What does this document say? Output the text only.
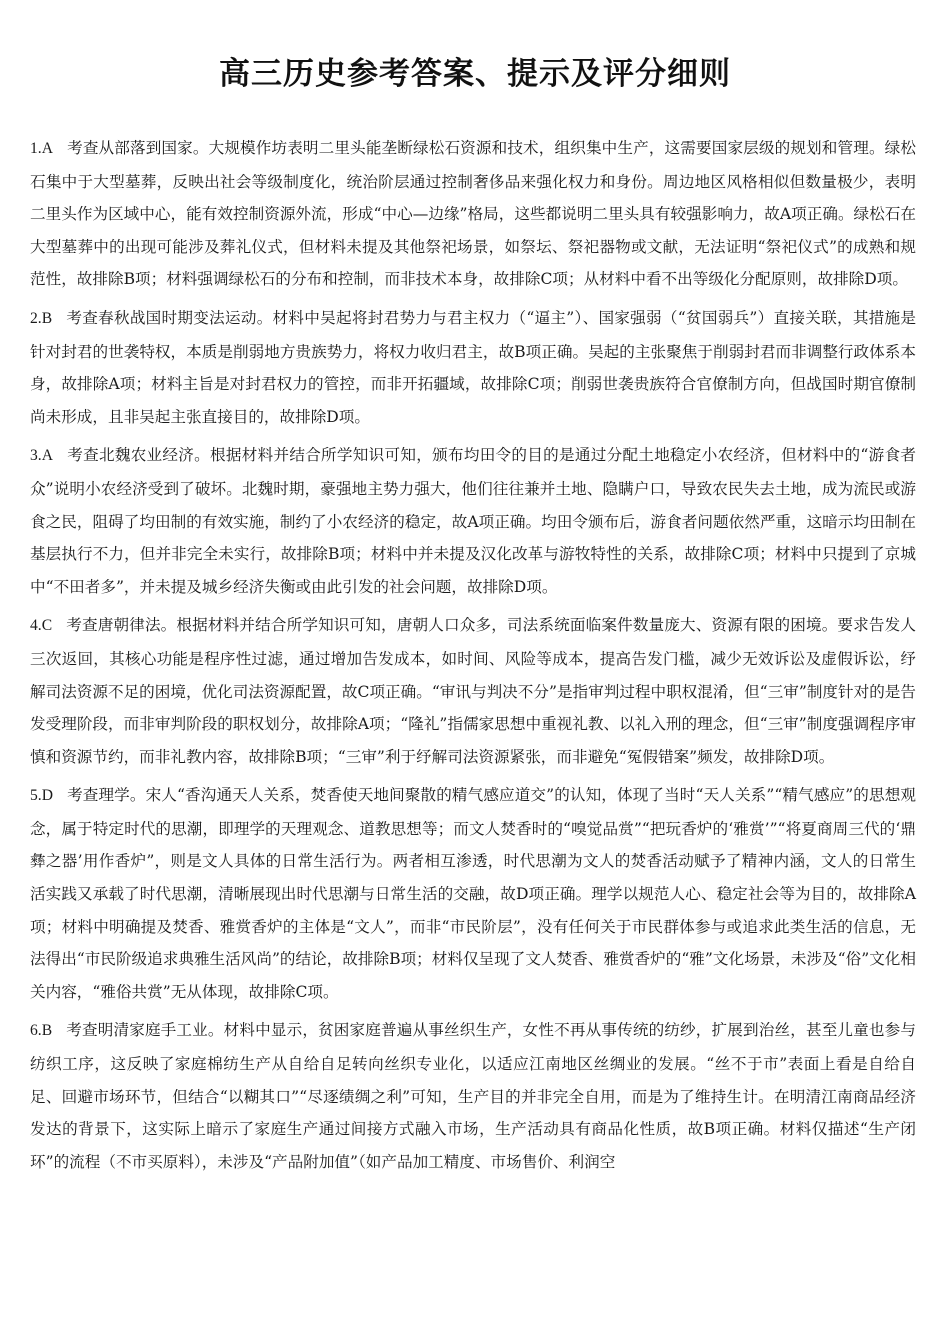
高三历史参考答案、提示及评分细则
1.A 考查从部落到国家。大规模作坊表明二里头能垄断绿松石资源和技术，组织集中生产，这需要国家层级的规划和管理。绿松石集中于大型墓葬，反映出社会等级制度化，统治阶层通过控制奢侈品来强化权力和身份。周边地区风格相似但数量极少，表明二里头作为区域中心，能有效控制资源外流，形成“中心—边缘”格局，这些都说明二里头具有较强影响力，故A项正确。绿松石在大型墓葬中的出现可能涉及葬礼仪式，但材料未提及其他祭祀场景，如祭坛、祭祀器物或文献，无法证明“祭祀仪式”的成熟和规范性，故排除B项；材料强调绿松石的分布和控制，而非技术本身，故排除C项；从材料中看不出等级化分配原则，故排除D项。
2.B 考查春秋战国时期变法运动。材料中吴起将封君势力与君主权力（“逼主”）、国家强弱（“贫国弱兵”）直接关联，其措施是针对封君的世袭特权，本质是削弱地方贵族势力，将权力收归君主，故B项正确。吴起的主张聚焦于削弱封君而非调整行政体系本身，故排除A项；材料主旨是对封君权力的管控，而非开拓疆域，故排除C项；削弱世袭贵族符合官僚制方向，但战国时期官僚制尚未形成，且非吴起主张直接目的，故排除D项。
3.A 考查北魏农业经济。根据材料并结合所学知识可知，颁布均田令的目的是通过分配土地稳定小农经济，但材料中的“游食者众”说明小农经济受到了破坏。北魏时期，豪强地主势力强大，他们往往兼并土地、隐瞒户口，导致农民失去土地，成为流民或游食之民，阻碍了均田制的有效实施，制约了小农经济的稳定，故A项正确。均田令颁布后，游食者问题依然严重，这暗示均田制在基层执行不力，但并非完全未实行，故排除B项；材料中并未提及汉化改革与游牧特性的关系，故排除C项；材料中只提到了京城中“不田者多”，并未提及城乡经济失衡或由此引发的社会问题，故排除D项。
4.C 考查唐朝律法。根据材料并结合所学知识可知，唐朝人口众多，司法系统面临案件数量庞大、资源有限的困境。要求告发人三次返回，其核心功能是程序性过滤，通过增加告发成本，如时间、风险等成本，提高告发门槛，减少无效诉讼及虚假诉讼，纾解司法资源不足的困境，优化司法资源配置，故C项正确。“审讯与判决不分”是指审判过程中职权混淆，但“三审”制度针对的是告发受理阶段，而非审判阶段的职权划分，故排除A项；“隆礼”指儒家思想中重视礼教、以礼入刑的理念，但“三审”制度强调程序审慎和资源节约，而非礼教内容，故排除B项；“三审”利于纾解司法资源紧张，而非避免“冤假错案”频发，故排除D项。
5.D 考查理学。宋人“香沟通天人关系，焚香使天地间聚散的精气感应道交”的认知，体现了当时“天人关系”“精气感应”的思想观念，属于特定时代的思潮，即理学的天理观念、道教思想等；而文人焚香时的“嗅觉品赏”“把玩香炉的‘雅赏’”“将夏商周三代的‘鼎彝之器’用作香炉”，则是文人具体的日常生活行为。两者相互渗透，时代思潮为文人的焚香活动赋予了精神内涵，文人的日常生活实践又承载了时代思潮，清晰展现出时代思潮与日常生活的交融，故D项正确。理学以规范人心、稳定社会等为目的，故排除A项；材料中明确提及焚香、雅赏香炉的主体是“文人”，而非“市民阶层”，没有任何关于市民群体参与或追求此类生活的信息，无法得出“市民阶级追求典雅生活风尚”的结论，故排除B项；材料仅呈现了文人焚香、雅赏香炉的“雅”文化场景，未涉及“俗”文化相关内容，“雅俗共赏”无从体现，故排除C项。
6.B 考查明清家庭手工业。材料中显示，贫困家庭普遍从事丝织生产，女性不再从事传统的纺纱，扩展到治丝，甚至儿童也参与纺织工序，这反映了家庭棉纺生产从自给自足转向丝织专业化，以适应江南地区丝绸业的发展。“丝不于市”表面上看是自给自足、回避市场环节，但结合“以糊其口”“尽逐绩绸之利”可知，生产目的并非完全自用，而是为了维持生计。在明清江南商品经济发达的背景下，这实际上暗示了家庭生产通过间接方式融入市场，生产活动具有商品化性质，故B项正确。材料仅描述“生产闭环”的流程（不市买原料），未涉及“产品附加值”（如产品加工精度、市场售价、利润空
